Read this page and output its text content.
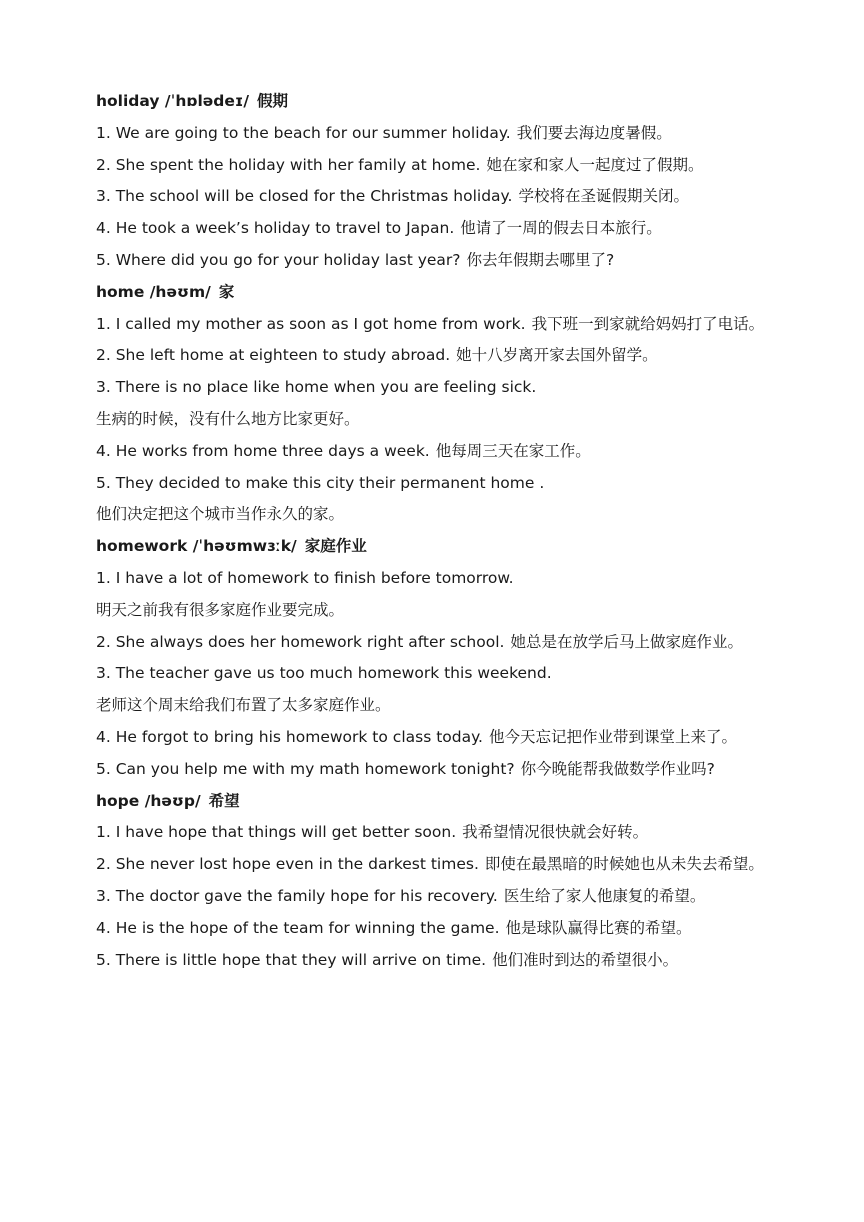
holiday /ˈhɒlədeɪ/ 假期
1. We are going to the beach for our summer holiday. 我们要去海边度暑假。
2. She spent the holiday with her family at home. 她在家和家人一起度过了假期。
3. The school will be closed for the Christmas holiday. 学校将在圣诞假期关闭。
4. He took a week’s holiday to travel to Japan. 他请了一周的假去日本旅行。
5. Where did you go for your holiday last year? 你去年假期去哪里了?
home /həʊm/ 家
1. I called my mother as soon as I got home from work. 我下班一到家就给妈妈打了电话。
2. She left home at eighteen to study abroad. 她十八岁离开家去国外留学。
3. There is no place like home when you are feeling sick.
生病的时候，没有什么地方比家更好。
4. He works from home three days a week. 他每周三天在家工作。
5. They decided to make this city their permanent home .
他们决定把这个城市当作永久的家。
homework /ˈhəʊmwɜːk/ 家庭作业
1. I have a lot of homework to finish before tomorrow.
明天之前我有很多家庭作业要完成。
2. She always does her homework right after school. 她总是在放学后马上做家庭作业。
3. The teacher gave us too much homework this weekend.
老师这个周末给我们布置了太多家庭作业。
4. He forgot to bring his homework to class today. 他今天忘记把作业带到课堂上来了。
5. Can you help me with my math homework tonight? 你今晚能帮我做数学作业吗?
hope /həʊp/ 希望
1. I have hope that things will get better soon. 我希望情况很快就会好转。
2. She never lost hope even in the darkest times. 即使在最黑暗的时候她也从未失去希望。
3. The doctor gave the family hope for his recovery. 医生给了家人他康复的希望。
4. He is the hope of the team for winning the game. 他是球队赢得比赛的希望。
5. There is little hope that they will arrive on time. 他们准时到达的希望很小。
